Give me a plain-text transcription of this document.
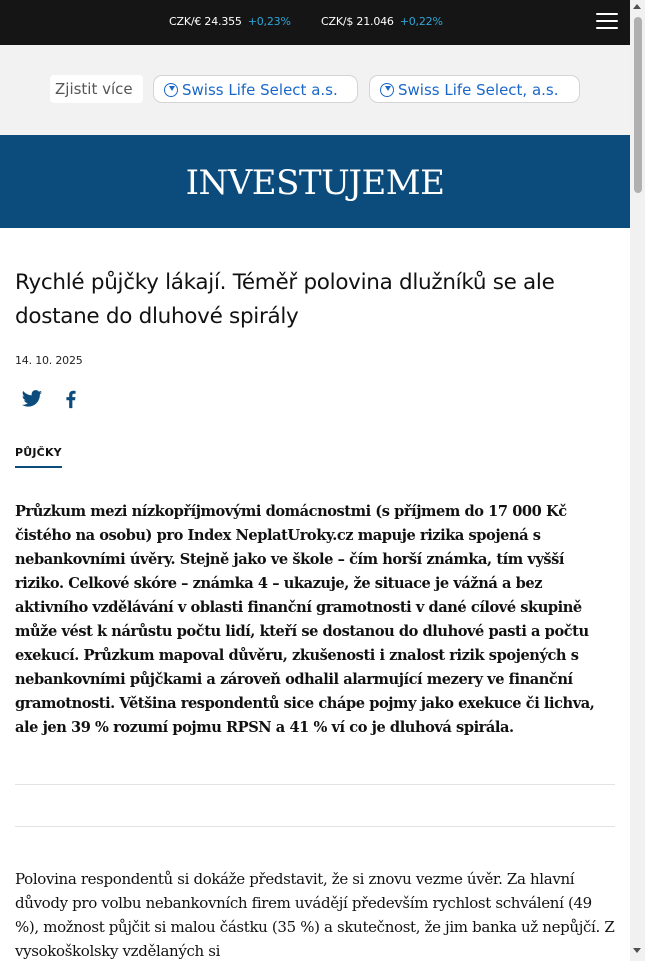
CZK/€ 24.355 +0,23%	CZK/$ 21.046 +0,22%
Zjistit více	Swiss Life Select a.s.	Swiss Life Select, a.s.
INVESTUJEME
Rychlé půjčky lákají. Téměř polovina dlužníků se ale dostane do dluhové spirály
14. 10. 2025
PŮJČKY

Průzkum mezi nízkopříjmovými domácnostmi (s příjmem do 17 000 Kč čistého na osobu) pro Index NeplatUroky.cz mapuje rizika spojená s nebankovními úvěry. Stejně jako ve škole – čím horší známka, tím vyšší riziko. Celkové skóre – známka 4 – ukazuje, že situace je vážná a bez aktivního vzdělávání v oblasti finanční gramotnosti v dané cílové skupině může vést k nárůstu počtu lidí, kteří se dostanou do dluhové pasti a počtu exekucí. Průzkum mapoval důvěru, zkušenosti i znalost rizik spojených s nebankovními půjčkami a zároveň odhalil alarmující mezery ve finanční gramotnosti. Většina respondentů sice chápe pojmy jako exekuce či lichva, ale jen 39 % rozumí pojmu RPSN a 41 % ví co je dluhová spirála.

Polovina respondentů si dokáže představit, že si znovu vezme úvěr. Za hlavní důvody pro volbu nebankovních firem uvádějí především rychlost schválení (49 %), možnost půjčit si malou částku (35 %) a skutečnost, že jim banka už nepůjčí. Z vysokoškolsky vzdělaných si
